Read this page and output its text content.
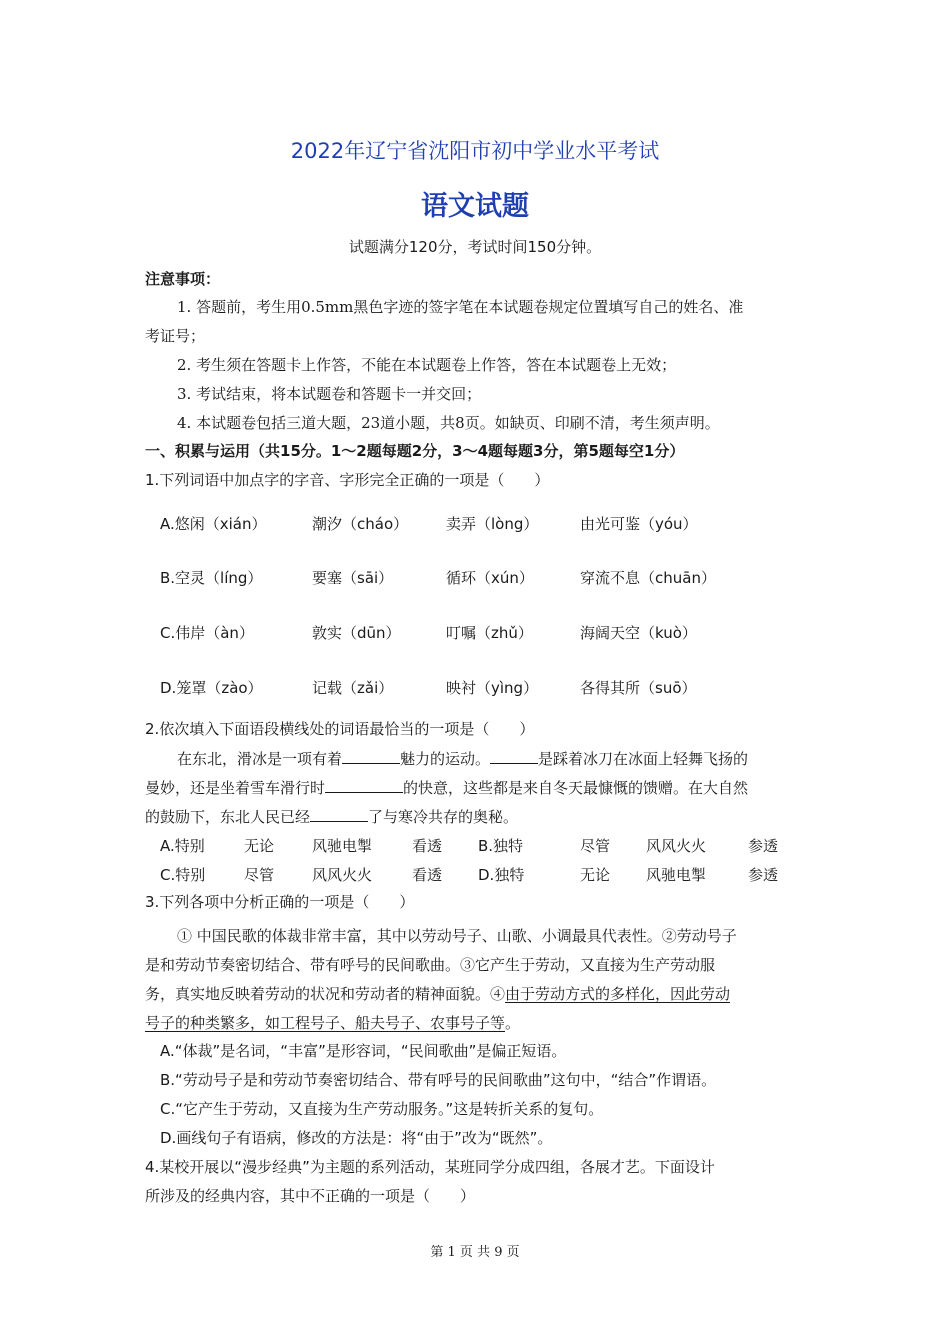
2022年辽宁省沈阳市初中学业水平考试
语文试题
试题满分120分，考试时间150分钟。
注意事项：
1. 答题前，考生用0.5mm黑色字迹的签字笔在本试题卷规定位置填写自己的姓名、准
考证号；
2. 考生须在答题卡上作答，不能在本试题卷上作答，答在本试题卷上无效；
3. 考试结束，将本试题卷和答题卡一并交回；
4. 本试题卷包括三道大题，23道小题，共8页。如缺页、印刷不清，考生须声明。
一、积累与运用（共15分。1～2题每题2分，3～4题每题3分，第5题每空1分）
1.下列词语中加点字的字音、字形完全正确的一项是（　　）
A.悠闲（xián）	潮汐（cháo）	卖弄（lòng）	由光可鉴（yóu）
B.空灵（líng）	要塞（sāi）	循环（xún）	穿流不息（chuān）
C.伟岸（àn）	敦实（dūn）	叮嘱（zhǔ）	海阔天空（kuò）
D.笼罩（zào）	记载（zǎi）	映衬（yìng）	各得其所（suō）
2.依次填入下面语段横线处的词语最恰当的一项是（　　）
在东北，滑冰是一项有着	魅力的运动。	是踩着冰刀在冰面上轻舞飞扬的
曼妙，还是坐着雪车滑行时	的快意，这些都是来自冬天最慷慨的馈赠。在大自然
的鼓励下，东北人民已经	了与寒冷共存的奥秘。
A.特别	无论	风驰电掣	看透 B.独特	尽管 风风火火	参透
C.特别	尽管	风风火火	看透 D.独特	无论 风驰电掣	参透
3.下列各项中分析正确的一项是（　　）
① 中国民歌的体裁非常丰富，其中以劳动号子、山歌、小调最具代表性。②劳动号子
是和劳动节奏密切结合、带有呼号的民间歌曲。③它产生于劳动，又直接为生产劳动服
务，真实地反映着劳动的状况和劳动者的精神面貌。④由于劳动方式的多样化，因此劳动
号子的种类繁多，如工程号子、船夫号子、农事号子等。
A.“体裁”是名词，“丰富”是形容词，“民间歌曲”是偏正短语。
B.“劳动号子是和劳动节奏密切结合、带有呼号的民间歌曲”这句中，“结合”作谓语。
C.“它产生于劳动，又直接为生产劳动服务。”这是转折关系的复句。
D.画线句子有语病，修改的方法是：将“由于”改为“既然”。
4.某校开展以“漫步经典”为主题的系列活动，某班同学分成四组，各展才艺。下面设计
所涉及的经典内容，其中不正确的一项是（　　）
第 1 页 共 9 页
